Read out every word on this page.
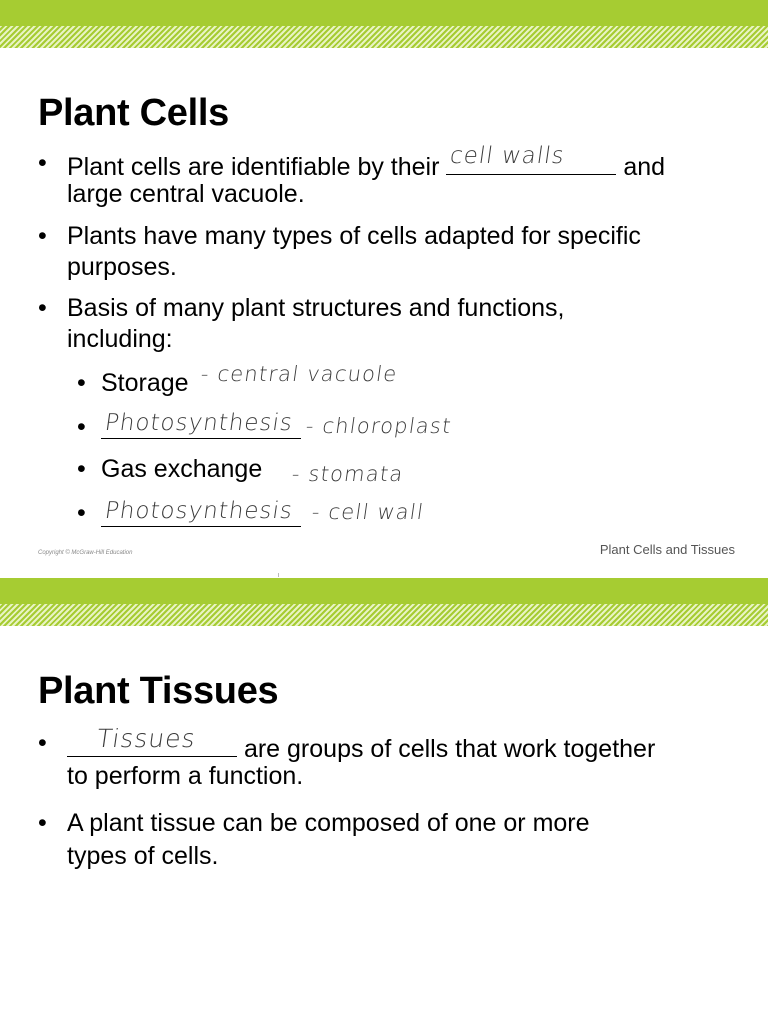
Plant Cells
• Plant cells are identifiable by their cell walls and
large central vacuole.
• Plants have many types of cells adapted for specific
purposes.
• Basis of many plant structures and functions,
including:
• Storage - central vacuole
• Photosynthesis - chloroplast
• Gas exchange - stomata
• Photosynthesis - cell wall
Copyright © McGraw-Hill Education	Plant Cells and Tissues
Plant Tissues
• Tissues are groups of cells that work together
to perform a function.
• A plant tissue can be composed of one or more
types of cells.
